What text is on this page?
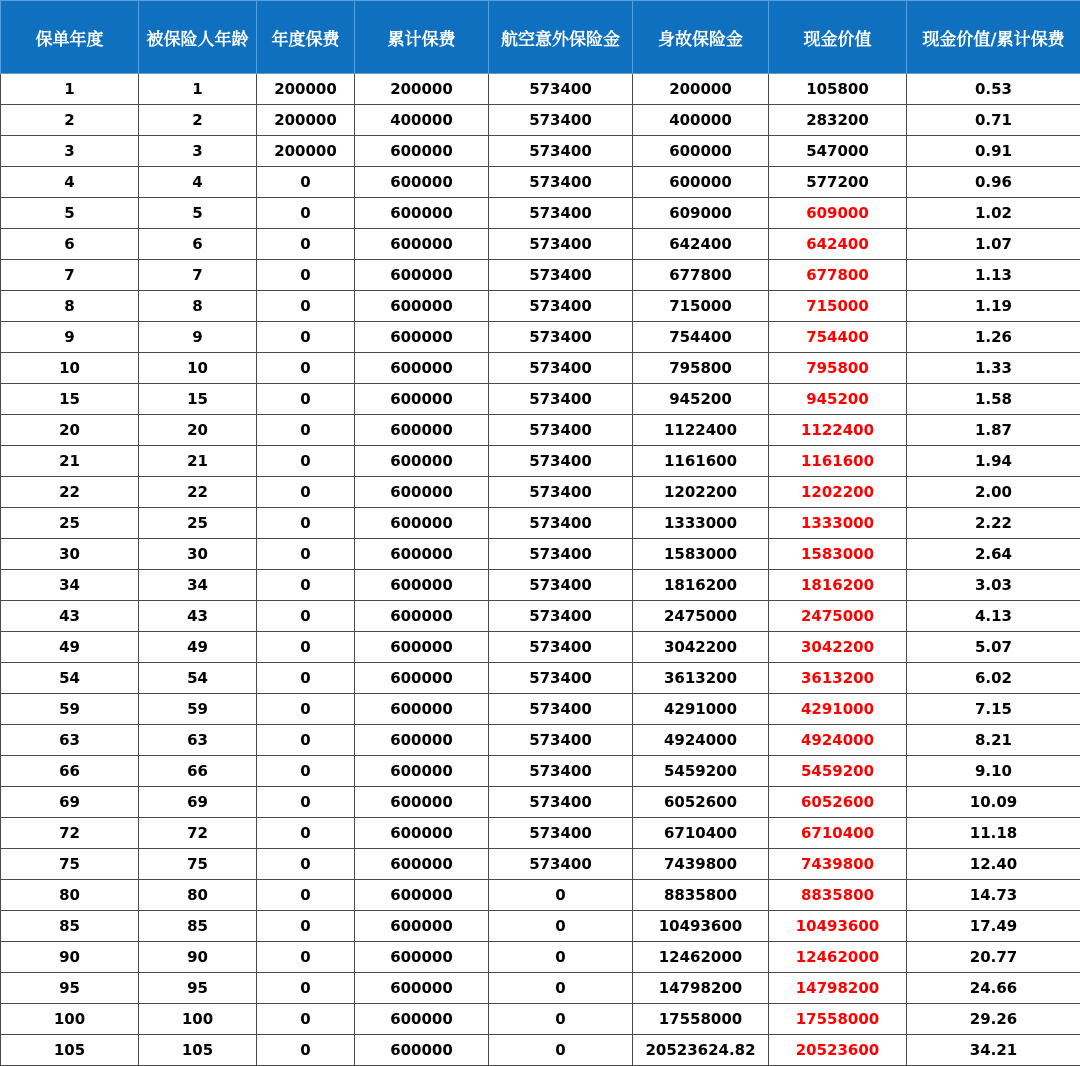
保单年度	被保险人年龄	年度保费	累计保费	航空意外保险金	身故保险金	现金价值	现金价值/累计保费
1	1	200000	200000	573400	200000	105800	0.53
2	2	200000	400000	573400	400000	283200	0.71
3	3	200000	600000	573400	600000	547000	0.91
4	4	0	600000	573400	600000	577200	0.96
5	5	0	600000	573400	609000	609000	1.02
6	6	0	600000	573400	642400	642400	1.07
7	7	0	600000	573400	677800	677800	1.13
8	8	0	600000	573400	715000	715000	1.19
9	9	0	600000	573400	754400	754400	1.26
10	10	0	600000	573400	795800	795800	1.33
15	15	0	600000	573400	945200	945200	1.58
20	20	0	600000	573400	1122400	1122400	1.87
21	21	0	600000	573400	1161600	1161600	1.94
22	22	0	600000	573400	1202200	1202200	2.00
25	25	0	600000	573400	1333000	1333000	2.22
30	30	0	600000	573400	1583000	1583000	2.64
34	34	0	600000	573400	1816200	1816200	3.03
43	43	0	600000	573400	2475000	2475000	4.13
49	49	0	600000	573400	3042200	3042200	5.07
54	54	0	600000	573400	3613200	3613200	6.02
59	59	0	600000	573400	4291000	4291000	7.15
63	63	0	600000	573400	4924000	4924000	8.21
66	66	0	600000	573400	5459200	5459200	9.10
69	69	0	600000	573400	6052600	6052600	10.09
72	72	0	600000	573400	6710400	6710400	11.18
75	75	0	600000	573400	7439800	7439800	12.40
80	80	0	600000	0	8835800	8835800	14.73
85	85	0	600000	0	10493600	10493600	17.49
90	90	0	600000	0	12462000	12462000	20.77
95	95	0	600000	0	14798200	14798200	24.66
100	100	0	600000	0	17558000	17558000	29.26
105	105	0	600000	0	20523624.82	20523600	34.21
